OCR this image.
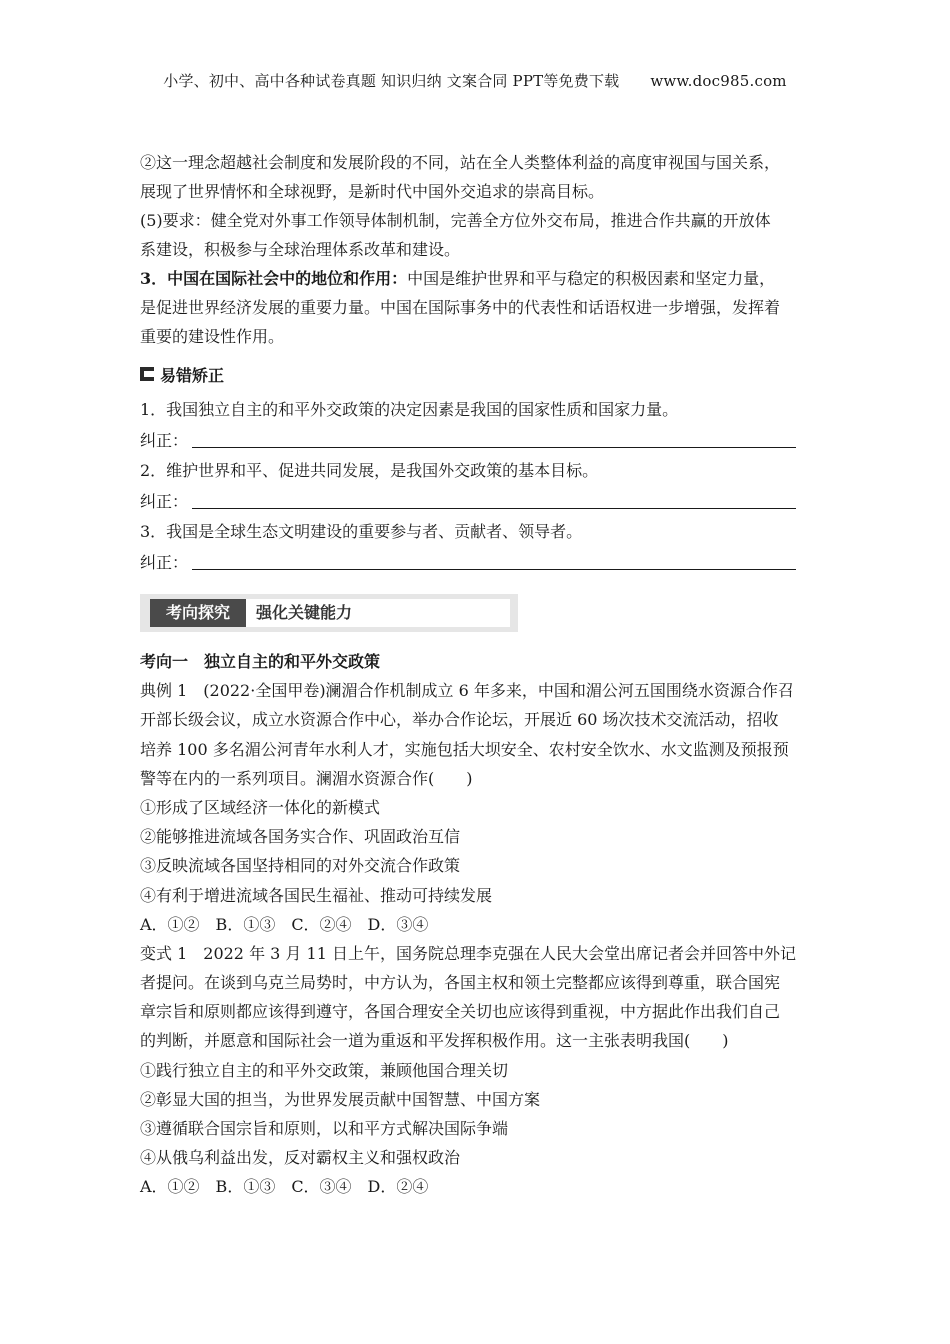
小学、初中、高中各种试卷真题 知识归纳 文案合同 PPT等免费下载 www.doc985.com
②这一理念超越社会制度和发展阶段的不同，站在全人类整体利益的高度审视国与国关系，
展现了世界情怀和全球视野，是新时代中国外交追求的崇高目标。
(5)要求：健全党对外事工作领导体制机制，完善全方位外交布局，推进合作共赢的开放体
系建设，积极参与全球治理体系改革和建设。
3．中国在国际社会中的地位和作用：中国是维护世界和平与稳定的积极因素和坚定力量，
是促进世界经济发展的重要力量。中国在国际事务中的代表性和话语权进一步增强，发挥着
重要的建设性作用。
易错矫正
1．我国独立自主的和平外交政策的决定因素是我国的国家性质和国家力量。
纠正：
2．维护世界和平、促进共同发展，是我国外交政策的基本目标。
纠正：
3．我国是全球生态文明建设的重要参与者、贡献者、领导者。
纠正：
考向探究	强化关键能力
考向一　独立自主的和平外交政策
典例 1　(2022·全国甲卷)澜湄合作机制成立 6 年多来，中国和湄公河五国围绕水资源合作召
开部长级会议，成立水资源合作中心，举办合作论坛，开展近 60 场次技术交流活动，招收
培养 100 多名湄公河青年水利人才，实施包括大坝安全、农村安全饮水、水文监测及预报预
警等在内的一系列项目。澜湄水资源合作(　　)
①形成了区域经济一体化的新模式
②能够推进流域各国务实合作、巩固政治互信
③反映流域各国坚持相同的对外交流合作政策
④有利于增进流域各国民生福祉、推动可持续发展
A．①②　B．①③　C．②④　D．③④
变式 1　2022 年 3 月 11 日上午，国务院总理李克强在人民大会堂出席记者会并回答中外记
者提问。在谈到乌克兰局势时，中方认为，各国主权和领土完整都应该得到尊重，联合国宪
章宗旨和原则都应该得到遵守，各国合理安全关切也应该得到重视，中方据此作出我们自己
的判断，并愿意和国际社会一道为重返和平发挥积极作用。这一主张表明我国(　　)
①践行独立自主的和平外交政策，兼顾他国合理关切
②彰显大国的担当，为世界发展贡献中国智慧、中国方案
③遵循联合国宗旨和原则，以和平方式解决国际争端
④从俄乌利益出发，反对霸权主义和强权政治
A．①②　B．①③　C．③④　D．②④
